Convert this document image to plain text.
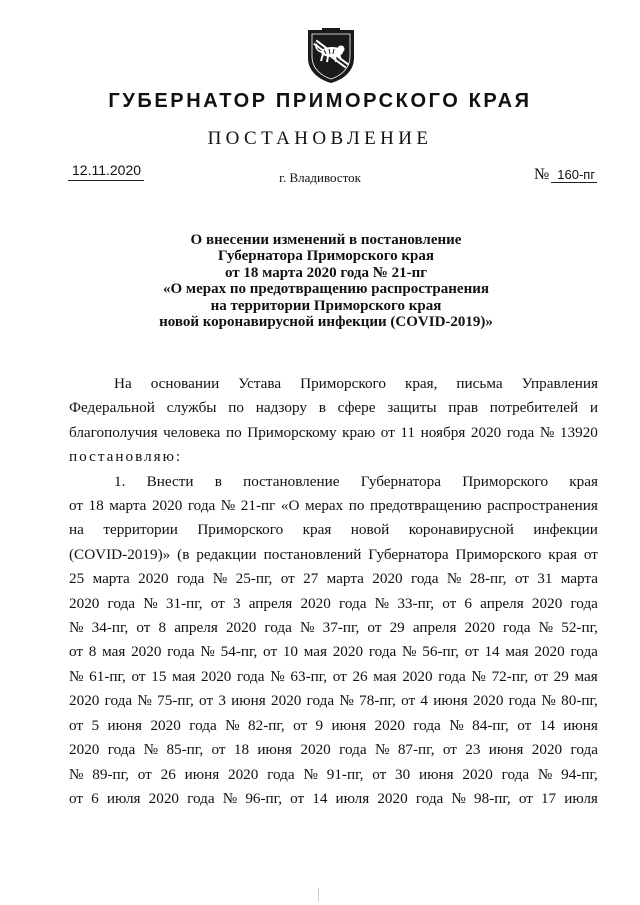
ГУБЕРНАТОР ПРИМОРСКОГО КРАЯ
ПОСТАНОВЛЕНИЕ
12.11.2020	г. Владивосток	№ 160-пг
О внесении изменений в постановление
Губернатора Приморского края
от 18 марта 2020 года № 21-пг
«О мерах по предотвращению распространения
на территории Приморского края
новой коронавирусной инфекции (COVID-2019)»
На основании Устава Приморского края, письма Управления
Федеральной службы по надзору в сфере защиты прав потребителей и
благополучия человека по Приморскому краю от 11 ноября 2020 года № 13920
постановляю:
1. Внести в постановление Губернатора Приморского края
от 18 марта 2020 года № 21-пг «О мерах по предотвращению распространения
на территории Приморского края новой коронавирусной инфекции
(COVID-2019)» (в редакции постановлений Губернатора Приморского края от
25 марта 2020 года № 25-пг, от 27 марта 2020 года № 28-пг, от 31 марта
2020 года № 31-пг, от 3 апреля 2020 года № 33-пг, от 6 апреля 2020 года
№ 34-пг, от 8 апреля 2020 года № 37-пг, от 29 апреля 2020 года № 52-пг,
от 8 мая 2020 года № 54-пг, от 10 мая 2020 года № 56-пг, от 14 мая 2020 года
№ 61-пг, от 15 мая 2020 года № 63-пг, от 26 мая 2020 года № 72-пг, от 29 мая
2020 года № 75-пг, от 3 июня 2020 года № 78-пг, от 4 июня 2020 года № 80-пг,
от 5 июня 2020 года № 82-пг, от 9 июня 2020 года № 84-пг, от 14 июня
2020 года № 85-пг, от 18 июня 2020 года № 87-пг, от 23 июня 2020 года
№ 89-пг, от 26 июня 2020 года № 91-пг, от 30 июня 2020 года № 94-пг,
от 6 июля 2020 года № 96-пг, от 14 июля 2020 года № 98-пг, от 17 июля
